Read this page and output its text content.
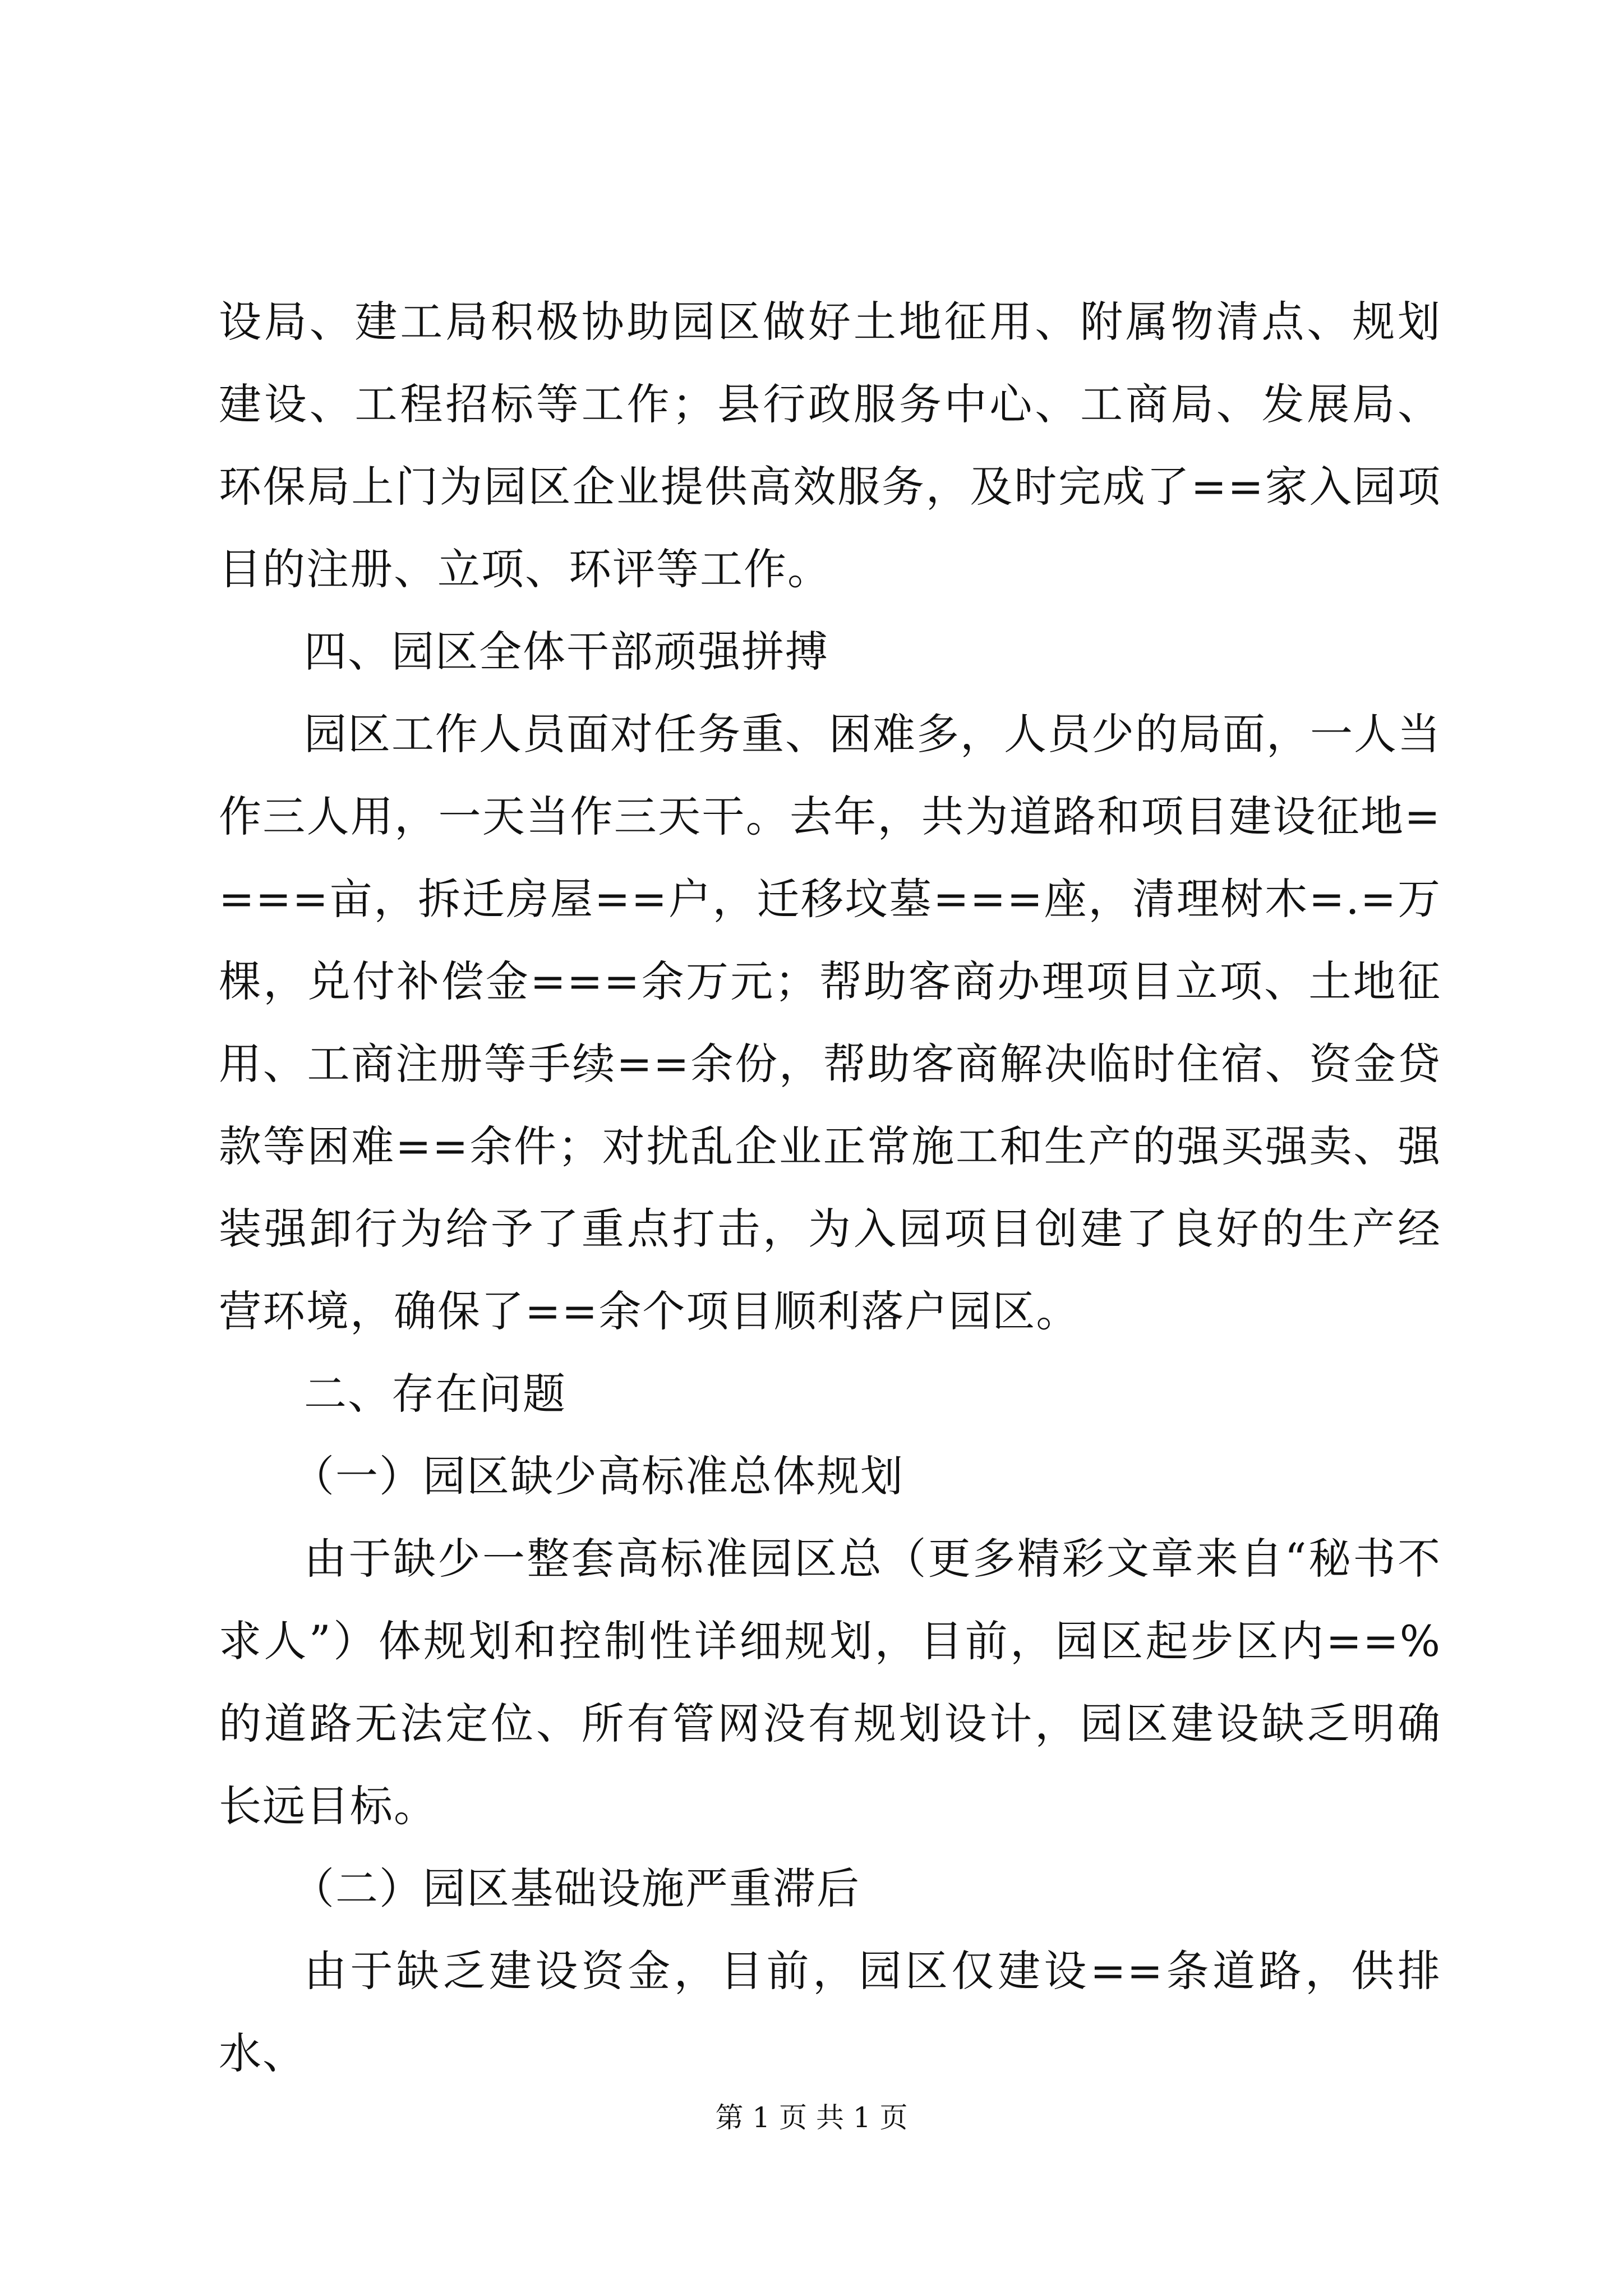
设局、建工局积极协助园区做好土地征用、附属物清点、规划建设、工程招标等工作；县行政服务中心、工商局、发展局、环保局上门为园区企业提供高效服务，及时完成了==家入园项目的注册、立项、环评等工作。

四、园区全体干部顽强拼搏

园区工作人员面对任务重、困难多，人员少的局面，一人当作三人用，一天当作三天干。去年，共为道路和项目建设征地====亩，拆迁房屋==户，迁移坟墓===座，清理树木=.=万棵，兑付补偿金===余万元；帮助客商办理项目立项、土地征用、工商注册等手续==余份，帮助客商解决临时住宿、资金贷款等困难==余件；对扰乱企业正常施工和生产的强买强卖、强装强卸行为给予了重点打击，为入园项目创建了良好的生产经营环境，确保了==余个项目顺利落户园区。

二、存在问题

（一）园区缺少高标准总体规划

由于缺少一整套高标准园区总（更多精彩文章来自“秘书不求人”）体规划和控制性详细规划，目前，园区起步区内==%的道路无法定位、所有管网没有规划设计，园区建设缺乏明确长远目标。

（二）园区基础设施严重滞后

由于缺乏建设资金，目前，园区仅建设==条道路，供排水、

第 1 页 共 1 页
